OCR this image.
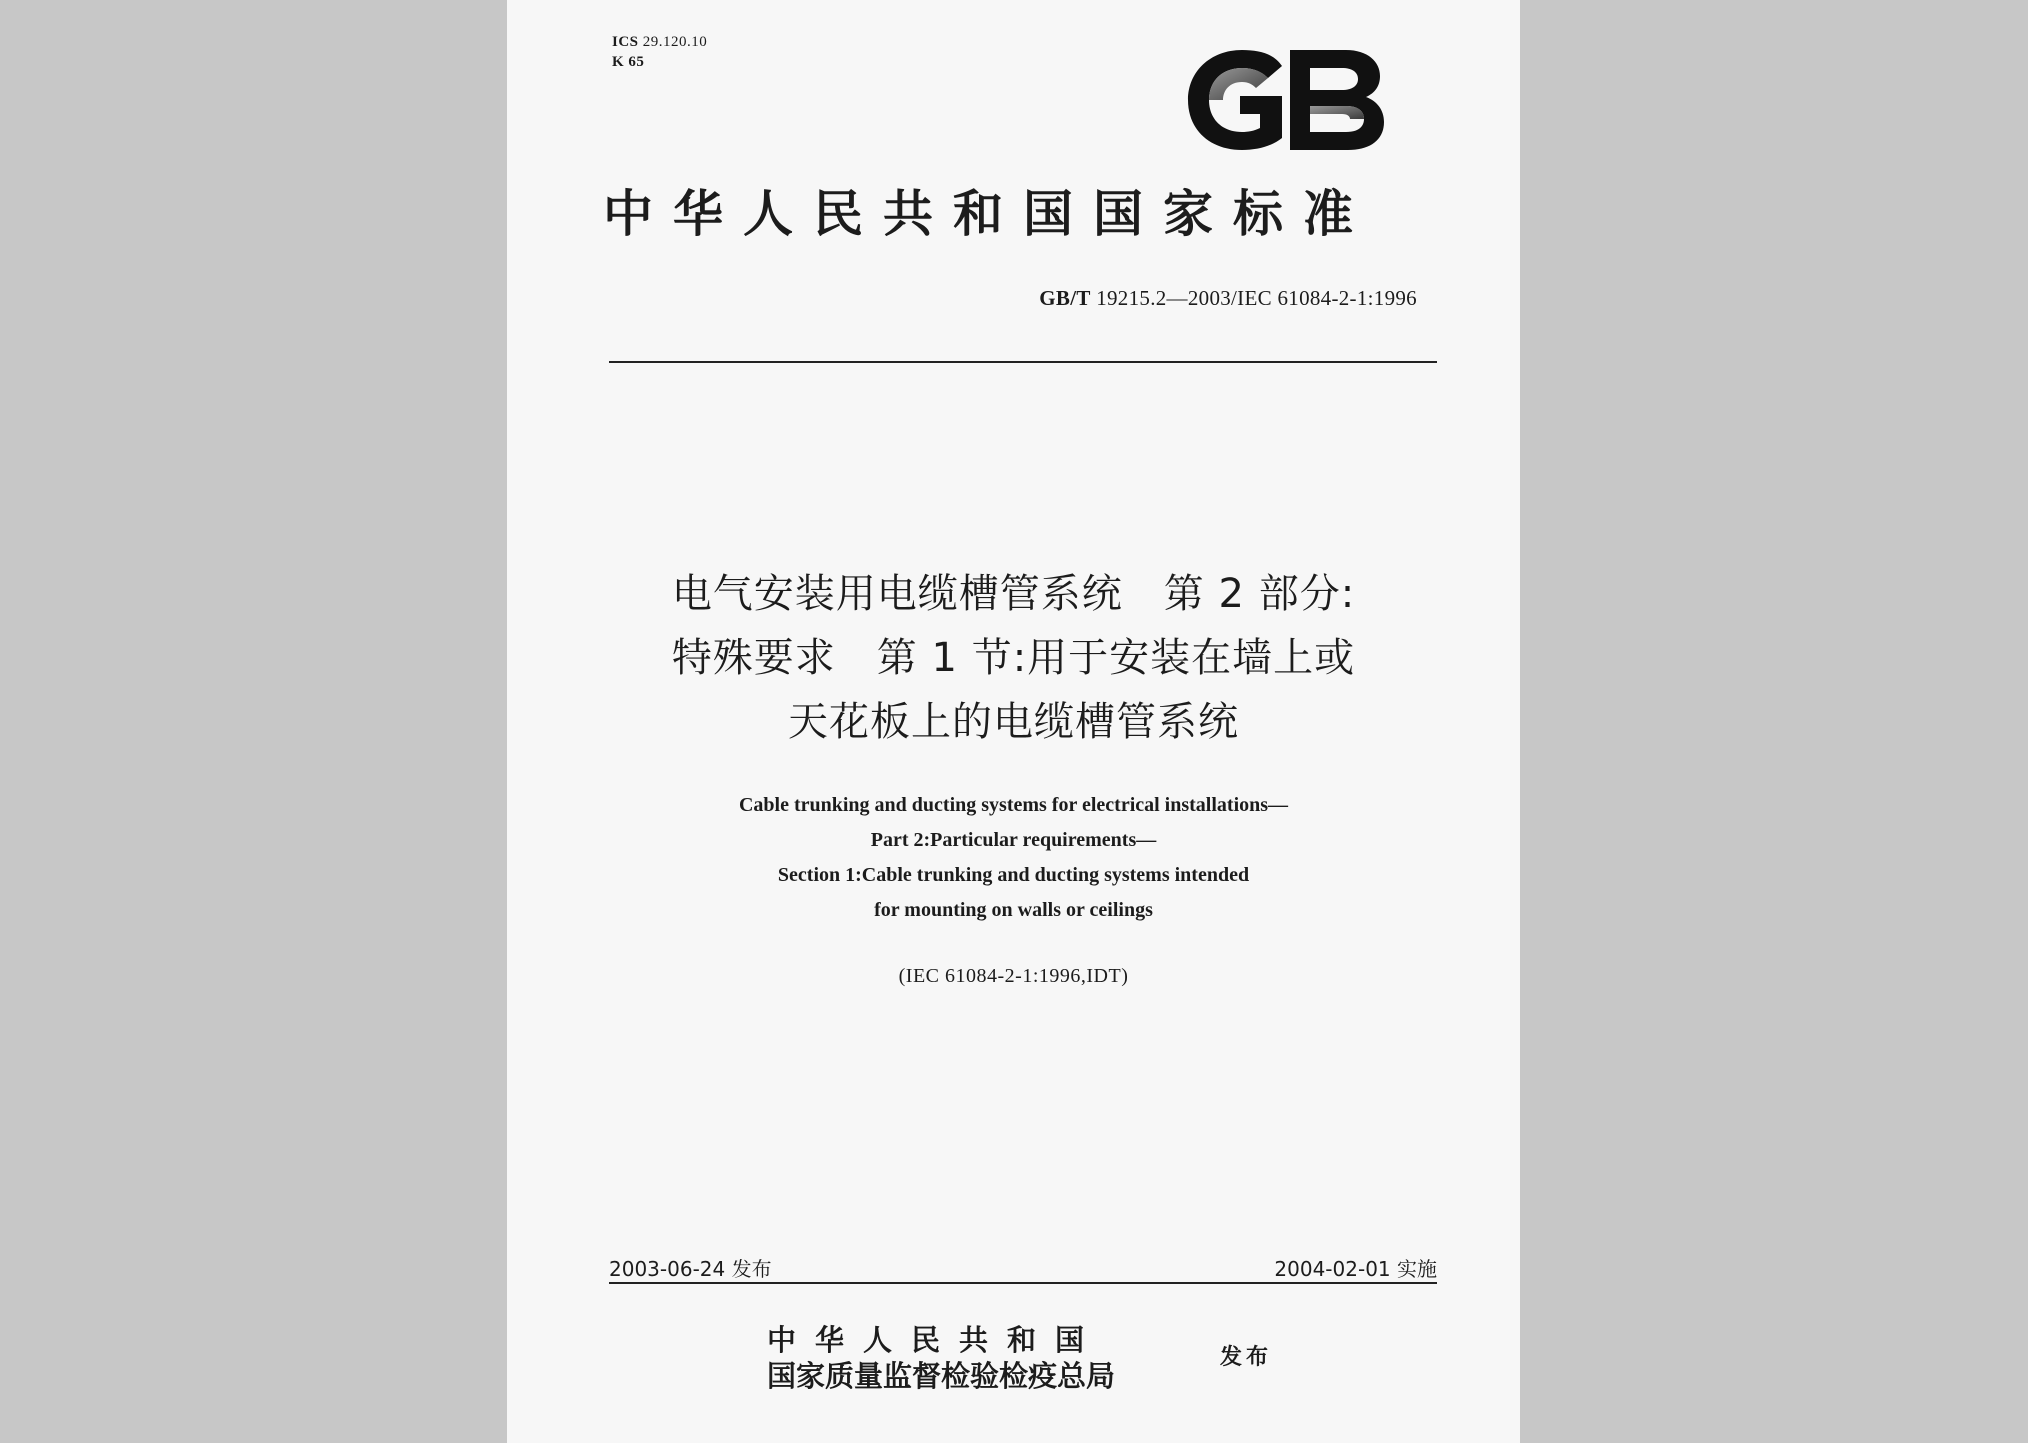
ICS 29.120.10
K 65
中华人民共和国国家标准
GB/T 19215.2—2003/IEC 61084-2-1:1996
电气安装用电缆槽管系统　第 2 部分:
特殊要求　第 1 节:用于安装在墙上或
天花板上的电缆槽管系统
Cable trunking and ducting systems for electrical installations—
Part 2:Particular requirements—
Section 1:Cable trunking and ducting systems intended
for mounting on walls or ceilings
(IEC 61084-2-1:1996,IDT)
2003-06-24 发布	2004-02-01 实施
中华人民共和国
国家质量监督检验检疫总局
发布
